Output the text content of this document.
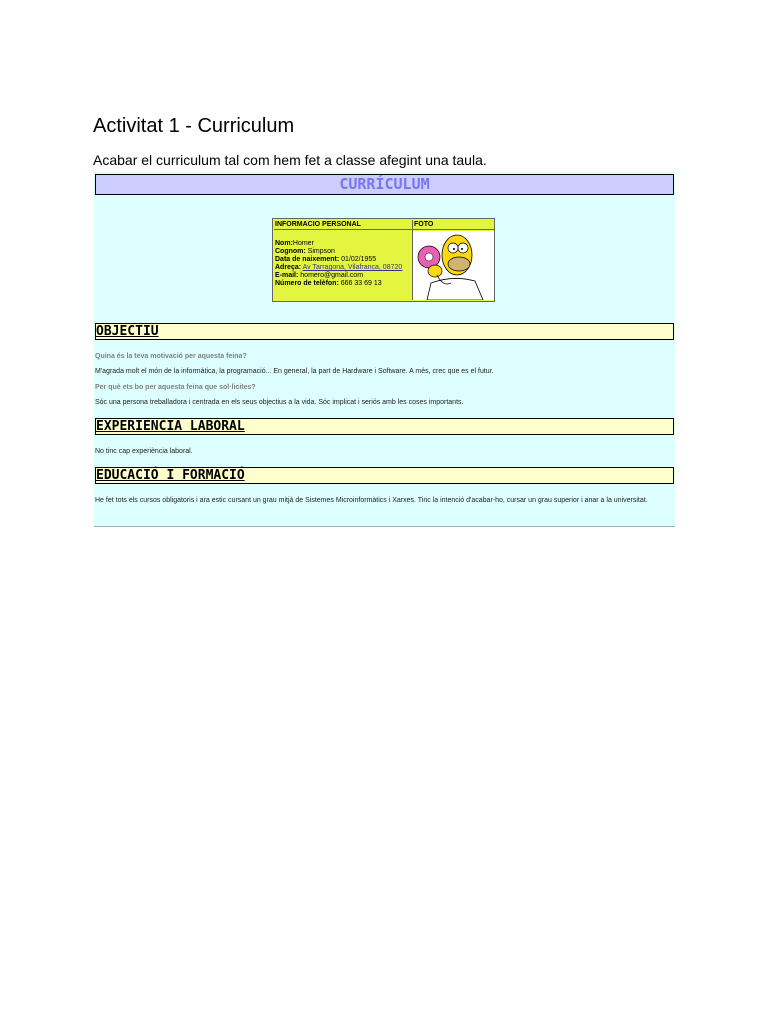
Activitat 1 - Curriculum

Acabar el curriculum tal com hem fet a classe afegint una taula.

CURRÍCULUM
INFORMACIO PERSONAL	FOTO
Nom:Homer
Cognom: Simpson
Data de naixement: 01/02/1955
Adreça: Av Tarragona, Vilafranca, 08720
E-mail: homero@gmail.com
Número de telèfon: 666 33 69 13
OBJECTIU
Quina és la teva motivació per aquesta feina?
M'agrada molt el món de la informàtica, la programació... En general, la part de Hardware i Software. A més, crec que es el futur.
Per què ets bo per aquesta feina que sol·licites?
Sóc una persona treballadora i centrada en els seus objectius a la vida. Sóc implicat i seriós amb les coses importants.
EXPERIENCIA LABORAL
No tinc cap experiència laboral.
EDUCACIÓ I FORMACIÓ
He fet tots els cursos obligatoris i ara estic cursant un grau mitjà de Sistemes Microinformàtics i Xarxes. Tinc la intenció d'acabar-ho, cursar un grau superior i anar a la universitat.
